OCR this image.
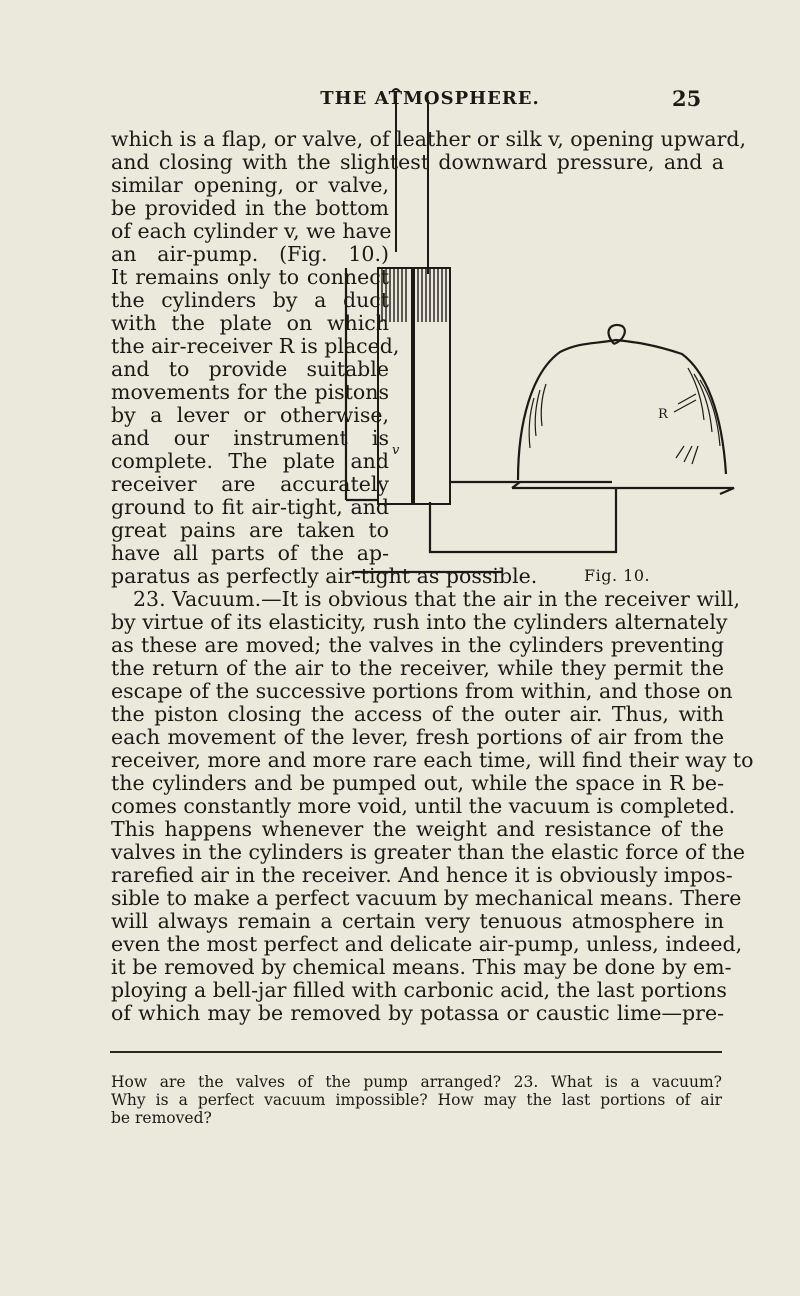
THE ATMOSPHERE.	25
R
v
Fig. 10.
which is a flap, or valve, of leather or silk v, opening upward,
and closing with the slightest downward pressure, and a
similar opening, or valve,
be provided in the bottom
of each cylinder v, we have
an air-pump. (Fig. 10.)
It remains only to connect
the cylinders by a duct
with the plate on which
the air-receiver R is placed,
and to provide suitable
movements for the pistons
by a lever or otherwise,
and our instrument is
complete. The plate and
receiver are accurately
ground to fit air-tight, and
great pains are taken to
have all parts of the ap-
paratus as perfectly air-tight as possible.
23. Vacuum.—It is obvious that the air in the receiver will,
by virtue of its elasticity, rush into the cylinders alternately
as these are moved; the valves in the cylinders preventing
the return of the air to the receiver, while they permit the
escape of the successive portions from within, and those on
the piston closing the access of the outer air. Thus, with
each movement of the lever, fresh portions of air from the
receiver, more and more rare each time, will find their way to
the cylinders and be pumped out, while the space in R be-
comes constantly more void, until the vacuum is completed.
This happens whenever the weight and resistance of the
valves in the cylinders is greater than the elastic force of the
rarefied air in the receiver. And hence it is obviously impos-
sible to make a perfect vacuum by mechanical means. There
will always remain a certain very tenuous atmosphere in
even the most perfect and delicate air-pump, unless, indeed,
it be removed by chemical means. This may be done by em-
ploying a bell-jar filled with carbonic acid, the last portions
of which may be removed by potassa or caustic lime—pre-
How are the valves of the pump arranged? 23. What is a vacuum?
Why is a perfect vacuum impossible? How may the last portions of air
be removed?
